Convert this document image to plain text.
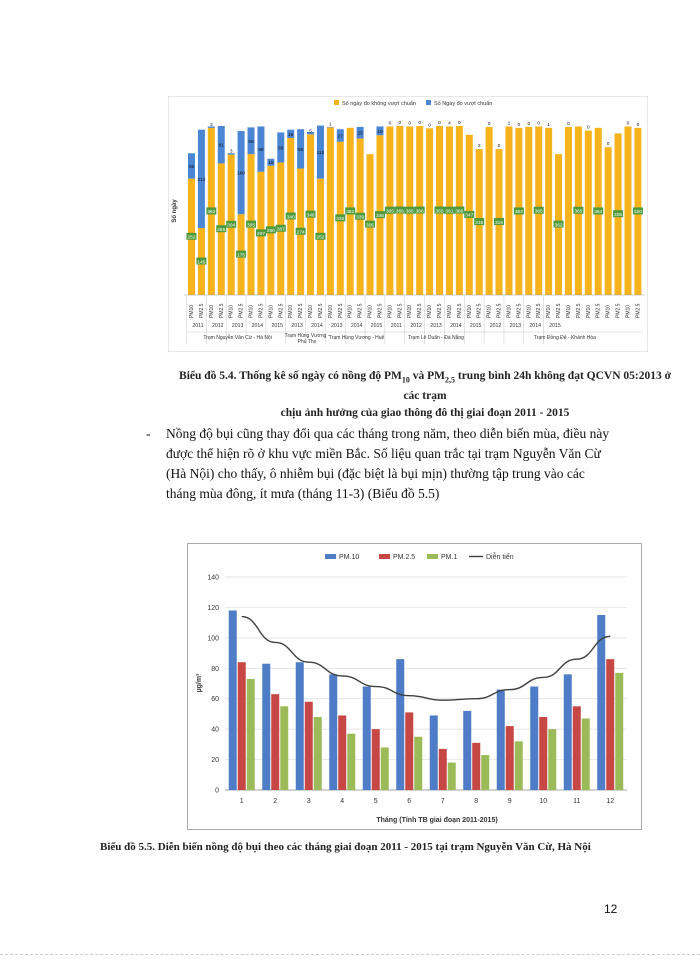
Số ngày đo không vượt chuẩn	Số Ngày đo vượt chuẩn
Số ngày
252
55
145
213
362
3
285
81
304
3
175
180
305
58
267
98
280
15
287
65
340
18
274
85
348
5
252
115
1
332
27
362
339
25
305
346
19
365
0
366
0
365
0
366
0 0
365
0
361
4
366
0
347
316
2
0
316
0
1
364
0 0
365
0 1
362
0
365
0
364
0
305
0
320
0
PM10 PM2.5 PM10 PM2.5 PM10 PM2.5 PM10 PM2.5 PM10 PM2.5 PM10 PM2.5 PM10 PM2.5 PM10 PM2.5 PM10 PM2.5 PM10 PM2.5 PM10 PM2.5 PM10 PM2.5 PM10 PM2.5 PM10 PM2.5 PM10 PM2.5 PM10 PM2.5 PM10 PM2.5 PM10 PM2.5 PM10 PM2.5 PM10 PM2.5 PM10 PM2.5 PM10 PM2.5 PM10 PM2.5
2011 2012 2013 2014 2015 2013 2014 2013 2014 2015 2011 2012 2013 2014 2015 2012 2013 2014 2015
Trạm Nguyễn Văn Cừ - Hà Nội	Trạm Hùng Vương -
Phú Thọ
Trạm Hùng Vương - Huế	Trạm Lê Duẩn - Đà Nẵng	Trạm Đồng Đế - Khánh Hòa
Biểu đồ 5.4. Thống kê số ngày có nồng độ $PM_{10}$ và $PM_{2,5}$ trung bình 24h không đạt QCVN 05:2013 ở các trạm
chịu ảnh hưởng của giao thông đô thị giai đoạn 2011 - 2015
- Nồng độ bụi cũng thay đổi qua các tháng trong năm, theo diễn biến mùa, điều này được thể hiện rõ ở khu vực miền Bắc. Số liệu quan trắc tại trạm Nguyễn Văn Cừ (Hà Nội) cho thấy, ô nhiễm bụi (đặc biệt là bụi mịn) thường tập trung vào các tháng mùa đông, ít mưa (tháng 11-3) (Biểu đồ 5.5)
PM.10	PM.2.5	PM.1	Diễn tiến
0
20
40
60
80
100
120
140
1	2	3	4	5	6	7	8	9	10	11	12
µg/m³
Tháng (Tính TB giai đoạn 2011-2015)
Biểu đồ 5.5. Diễn biến nồng độ bụi theo các tháng giai đoạn 2011 - 2015 tại trạm Nguyễn Văn Cừ, Hà Nội
12
